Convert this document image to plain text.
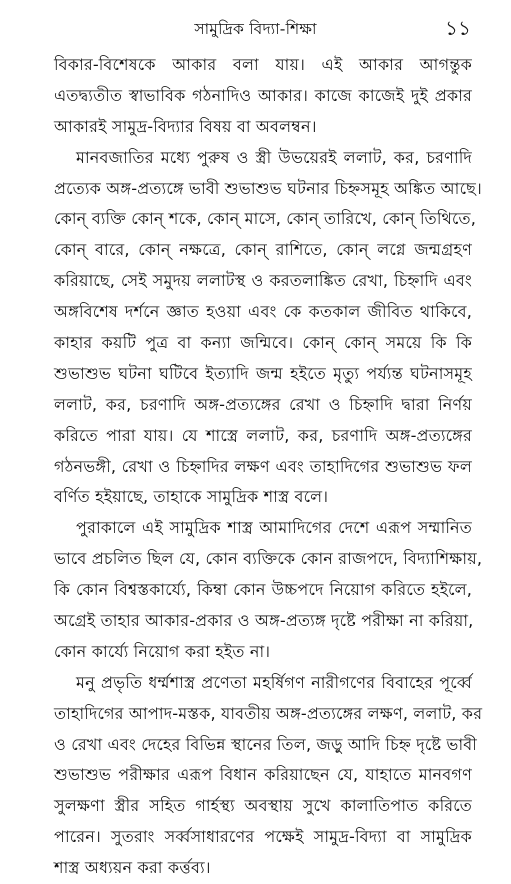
সামুদ্রিক বিদ্যা-শিক্ষা	১১
বিকার-বিশেষকে আকার বলা যায়। এই আকার আগন্তুক
এতদ্ব্যতীত স্বাভাবিক গঠনাদিও আকার। কাজে কাজেই দুই প্রকার
আকারই সামুদ্র-বিদ্যার বিষয় বা অবলম্বন।
মানবজাতির মধ্যে পুরুষ ও স্ত্রী উভয়েরই ললাট, কর, চরণাদি
প্রত্যেক অঙ্গ-প্রত্যঙ্গে ভাবী শুভাশুভ ঘটনার চিহ্নসমূহ অঙ্কিত আছে।
কোন্ ব্যক্তি কোন্ শকে, কোন্ মাসে, কোন্ তারিখে, কোন্ তিথিতে,
কোন্ বারে, কোন্ নক্ষত্রে, কোন্ রাশিতে, কোন্ লগ্নে জন্মগ্রহণ
করিয়াছে, সেই সমুদয় ললাটস্থ ও করতলাঙ্কিত রেখা, চিহ্নাদি এবং
অঙ্গবিশেষ দর্শনে জ্ঞাত হওয়া এবং কে কতকাল জীবিত থাকিবে,
কাহার কয়টি পুত্র বা কন্যা জন্মিবে। কোন্ কোন্ সময়ে কি কি
শুভাশুভ ঘটনা ঘটিবে ইত্যাদি জন্ম হইতে মৃত্যু পর্য্যন্ত ঘটনাসমূহ
ললাট, কর, চরণাদি অঙ্গ-প্রত্যঙ্গের রেখা ও চিহ্নাদি দ্বারা নির্ণয়
করিতে পারা যায়। যে শাস্ত্রে ললাট, কর, চরণাদি অঙ্গ-প্রত্যঙ্গের
গঠনভঙ্গী, রেখা ও চিহ্নাদির লক্ষণ এবং তাহাদিগের শুভাশুভ ফল
বর্ণিত হইয়াছে, তাহাকে সামুদ্রিক শাস্ত্র বলে।
পুরাকালে এই সামুদ্রিক শাস্ত্র আমাদিগের দেশে এরূপ সম্মানিত
ভাবে প্রচলিত ছিল যে, কোন ব্যক্তিকে কোন রাজপদে, বিদ্যাশিক্ষায়,
কি কোন বিশ্বস্তকার্য্যে, কিম্বা কোন উচ্চপদে নিয়োগ করিতে হইলে,
অগ্রেই তাহার আকার-প্রকার ও অঙ্গ-প্রত্যঙ্গ দৃষ্টে পরীক্ষা না করিয়া,
কোন কার্য্যে নিয়োগ করা হইত না।
মনু প্রভৃতি ধর্ম্মশাস্ত্র প্রণেতা মহর্ষিগণ নারীগণের বিবাহের পূর্ব্বে
তাহাদিগের আপাদ-মস্তক, যাবতীয় অঙ্গ-প্রত্যঙ্গের লক্ষণ, ললাট, কর
ও রেখা এবং দেহের বিভিন্ন স্থানের তিল, জড়ু আদি চিহ্ন দৃষ্টে ভাবী
শুভাশুভ পরীক্ষার এরূপ বিধান করিয়াছেন যে, যাহাতে মানবগণ
সুলক্ষণা স্ত্রীর সহিত গার্হস্থ্য অবস্থায় সুখে কালাতিপাত করিতে
পারেন। সুতরাং সর্ব্বসাধারণের পক্ষেই সামুদ্র-বিদ্যা বা সামুদ্রিক
শাস্ত্র অধ্যয়ন করা কর্ত্তব্য।
